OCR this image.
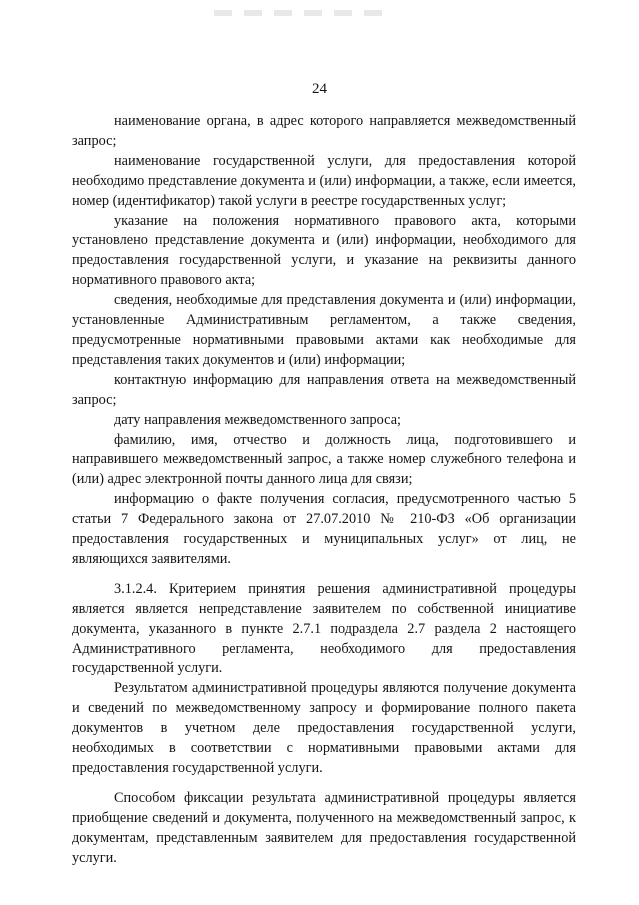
24

наименование органа, в адрес которого направляется межведомственный запрос;

наименование государственной услуги, для предоставления которой необходимо представление документа и (или) информации, а также, если имеется, номер (идентификатор) такой услуги в реестре государственных услуг;

указание на положения нормативного правового акта, которыми установлено представление документа и (или) информации, необходимого для предоставления государственной услуги, и указание на реквизиты данного нормативного правового акта;

сведения, необходимые для представления документа и (или) информации, установленные Административным регламентом, а также сведения, предусмотренные нормативными правовыми актами как необходимые для представления таких документов и (или) информации;

контактную информацию для направления ответа на межведомственный запрос;

дату направления межведомственного запроса;

фамилию, имя, отчество и должность лица, подготовившего и направившего межведомственный запрос, а также номер служебного телефона и (или) адрес электронной почты данного лица для связи;

информацию о факте получения согласия, предусмотренного частью 5 статьи 7 Федерального закона от 27.07.2010 № 210-ФЗ «Об организации предоставления государственных и муниципальных услуг» от лиц, не являющихся заявителями.

3.1.2.4. Критерием принятия решения административной процедуры является является непредставление заявителем по собственной инициативе документа, указанного в пункте 2.7.1 подраздела 2.7 раздела 2 настоящего Административного регламента, необходимого для предоставления государственной услуги.

Результатом административной процедуры являются получение документа и сведений по межведомственному запросу и формирование полного пакета документов в учетном деле предоставления государственной услуги, необходимых в соответствии с нормативными правовыми актами для предоставления государственной услуги.

Способом фиксации результата административной процедуры является приобщение сведений и документа, полученного на межведомственный запрос, к документам, представленным заявителем для предоставления государственной услуги.
